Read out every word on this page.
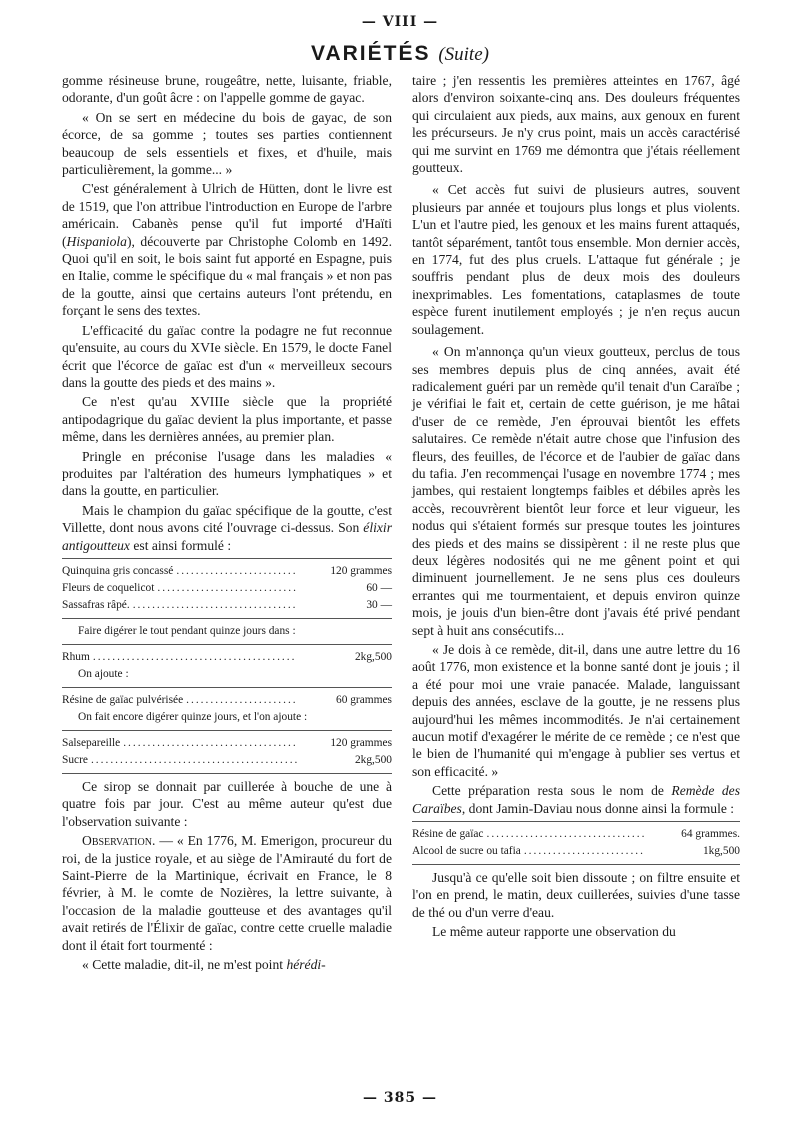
— VIII —
VARIÉTÉS (Suite)

gomme résineuse brune, rougeâtre, nette, luisante, friable, odorante, d'un goût âcre : on l'appelle gomme de gayac.

« On se sert en médecine du bois de gayac, de son écorce, de sa gomme ; toutes ses parties contiennent beaucoup de sels essentiels et fixes, et d'huile, mais particulièrement, la gomme... »

C'est généralement à Ulrich de Hütten, dont le livre est de 1519, que l'on attribue l'introduction en Europe de l'arbre américain. Cabanès pense qu'il fut importé d'Haïti (Hispaniola), découverte par Christophe Colomb en 1492. Quoi qu'il en soit, le bois saint fut apporté en Espagne, puis en Italie, comme le spécifique du « mal français » et non pas de la goutte, ainsi que certains auteurs l'ont prétendu, en forçant le sens des textes.

L'efficacité du gaïac contre la podagre ne fut reconnue qu'ensuite, au cours du XVIe siècle. En 1579, le docte Fanel écrit que l'écorce de gaïac est d'un « merveilleux secours dans la goutte des pieds et des mains ».

Ce n'est qu'au XVIIIe siècle que la propriété antipodagrique du gaïac devient la plus importante, et passe même, dans les dernières années, au premier plan.

Pringle en préconise l'usage dans les maladies « produites par l'altération des humeurs lymphatiques » et dans la goutte, en particulier.

Mais le champion du gaïac spécifique de la goutte, c'est Villette, dont nous avons cité l'ouvrage ci-dessus. Son élixir antigoutteux est ainsi formulé :

Quinquina gris concassé .....	120 grammes
Fleurs de coquelicot .....	60 —
Sassafras râpé. .....	30 —
Faire digérer le tout pendant quinze jours dans :
Rhum .....	2kg,500
On ajoute :
Résine de gaïac pulvérisée .....	60 grammes
On fait encore digérer quinze jours, et l'on ajoute :
Salsepareille .....	120 grammes
Sucre .....	2kg,500

Ce sirop se donnait par cuillerée à bouche de une à quatre fois par jour. C'est au même auteur qu'est due l'observation suivante :

Observation. — « En 1776, M. Emerigon, procureur du roi, de la justice royale, et au siège de l'Amirauté du fort de Saint-Pierre de la Martinique, écrivait en France, le 8 février, à M. le comte de Nozières, la lettre suivante, à l'occasion de la maladie goutteuse et des avantages qu'il avait retirés de l'Élixir de gaïac, contre cette cruelle maladie dont il était fort tourmenté :

« Cette maladie, dit-il, ne m'est point hérédi-

taire ; j'en ressentis les premières atteintes en 1767, âgé alors d'environ soixante-cinq ans. Des douleurs fréquentes qui circulaient aux pieds, aux mains, aux genoux en furent les précurseurs. Je n'y crus point, mais un accès caractérisé qui me survint en 1769 me démontra que j'étais réellement goutteux.

« Cet accès fut suivi de plusieurs autres, souvent plusieurs par année et toujours plus longs et plus violents. L'un et l'autre pied, les genoux et les mains furent attaqués, tantôt séparément, tantôt tous ensemble. Mon dernier accès, en 1774, fut des plus cruels. L'attaque fut générale ; je souffris pendant plus de deux mois des douleurs inexprimables. Les fomentations, cataplasmes de toute espèce furent inutilement employés ; je n'en reçus aucun soulagement.

« On m'annonça qu'un vieux goutteux, perclus de tous ses membres depuis plus de cinq années, avait été radicalement guéri par un remède qu'il tenait d'un Caraïbe ; je vérifiai le fait et, certain de cette guérison, je me hâtai d'user de ce remède, J'en éprouvai bientôt les effets salutaires. Ce remède n'était autre chose que l'infusion des fleurs, des feuilles, de l'écorce et de l'aubier de gaïac dans du tafia. J'en recommençai l'usage en novembre 1774 ; mes jambes, qui restaient longtemps faibles et débiles après les accès, recouvrèrent bientôt leur force et leur vigueur, les nodus qui s'étaient formés sur presque toutes les jointures des pieds et des mains se dissipèrent : il ne reste plus que deux légères nodosités qui ne me gênent point et qui diminuent journellement. Je ne sens plus ces douleurs errantes qui me tourmentaient, et depuis environ quinze mois, je jouis d'un bien-être dont j'avais été privé pendant sept à huit ans consécutifs...

« Je dois à ce remède, dit-il, dans une autre lettre du 16 août 1776, mon existence et la bonne santé dont je jouis ; il a été pour moi une vraie panacée. Malade, languissant depuis des années, esclave de la goutte, je ne ressens plus aujourd'hui les mêmes incommodités. Je n'ai certainement aucun motif d'exagérer le mérite de ce remède ; ce n'est que le bien de l'humanité qui m'engage à publier ses vertus et son efficacité. »

Cette préparation resta sous le nom de Remède des Caraïbes, dont Jamin-Daviau nous donne ainsi la formule :

Résine de gaïac .....	64 grammes.
Alcool de sucre ou tafia .....	1kg,500

Jusqu'à ce qu'elle soit bien dissoute ; on filtre ensuite et l'on en prend, le matin, deux cuillerées, suivies d'une tasse de thé ou d'un verre d'eau.

Le même auteur rapporte une observation du

— 385 —
